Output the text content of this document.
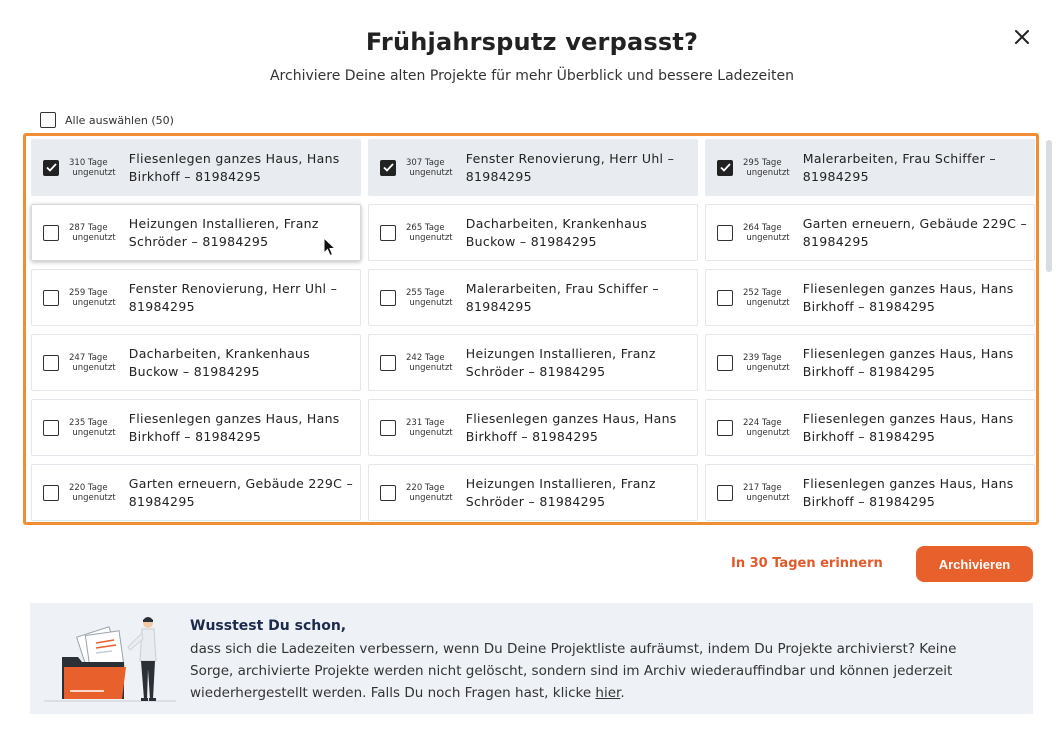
Frühjahrsputz verpasst?
Archiviere Deine alten Projekte für mehr Überblick und bessere Ladezeiten
Alle auswählen (50)
310 Tage
ungenutzt
Fliesenlegen ganzes Haus, Hans Birkhoff – 81984295
307 Tage
ungenutzt
Fenster Renovierung, Herr Uhl – 81984295
295 Tage
ungenutzt
Malerarbeiten, Frau Schiffer – 81984295
287 Tage
ungenutzt
Heizungen Installieren, Franz Schröder – 81984295
265 Tage
ungenutzt
Dacharbeiten, Krankenhaus Buckow – 81984295
264 Tage
ungenutzt
Garten erneuern, Gebäude 229C – 81984295
259 Tage
ungenutzt
Fenster Renovierung, Herr Uhl – 81984295
255 Tage
ungenutzt
Malerarbeiten, Frau Schiffer – 81984295
252 Tage
ungenutzt
Fliesenlegen ganzes Haus, Hans Birkhoff – 81984295
247 Tage
ungenutzt
Dacharbeiten, Krankenhaus Buckow – 81984295
242 Tage
ungenutzt
Heizungen Installieren, Franz Schröder – 81984295
239 Tage
ungenutzt
Fliesenlegen ganzes Haus, Hans Birkhoff – 81984295
235 Tage
ungenutzt
Fliesenlegen ganzes Haus, Hans Birkhoff – 81984295
231 Tage
ungenutzt
Fliesenlegen ganzes Haus, Hans Birkhoff – 81984295
224 Tage
ungenutzt
Fliesenlegen ganzes Haus, Hans Birkhoff – 81984295
220 Tage
ungenutzt
Garten erneuern, Gebäude 229C – 81984295
220 Tage
ungenutzt
Heizungen Installieren, Franz Schröder – 81984295
217 Tage
ungenutzt
Fliesenlegen ganzes Haus, Hans Birkhoff – 81984295
In 30 Tagen erinnern	Archivieren
Wusstest Du schon,
dass sich die Ladezeiten verbessern, wenn Du Deine Projektliste aufräumst, indem Du Projekte archivierst? Keine Sorge, archivierte Projekte werden nicht gelöscht, sondern sind im Archiv wiederauffindbar und können jederzeit wiederhergestellt werden. Falls Du noch Fragen hast, klicke hier.
